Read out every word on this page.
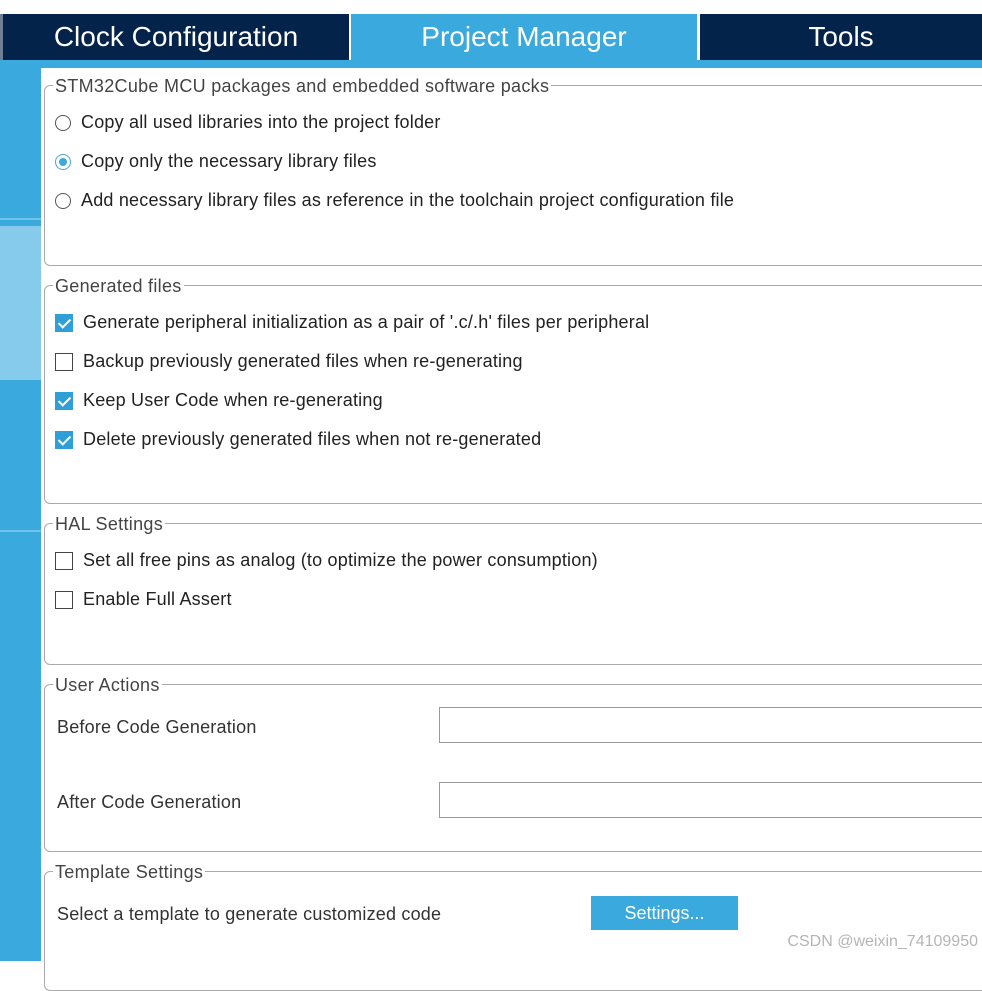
Clock Configuration	Project Manager	Tools
STM32Cube MCU packages and embedded software packs
Copy all used libraries into the project folder
Copy only the necessary library files
Add necessary library files as reference in the toolchain project configuration file
Generated files
Generate peripheral initialization as a pair of '.c/.h' files per peripheral
Backup previously generated files when re-generating
Keep User Code when re-generating
Delete previously generated files when not re-generated
HAL Settings
Set all free pins as analog (to optimize the power consumption)
Enable Full Assert
User Actions
Before Code Generation
After Code Generation
Template Settings
Select a template to generate customized code	Settings...
CSDN @weixin_74109950
